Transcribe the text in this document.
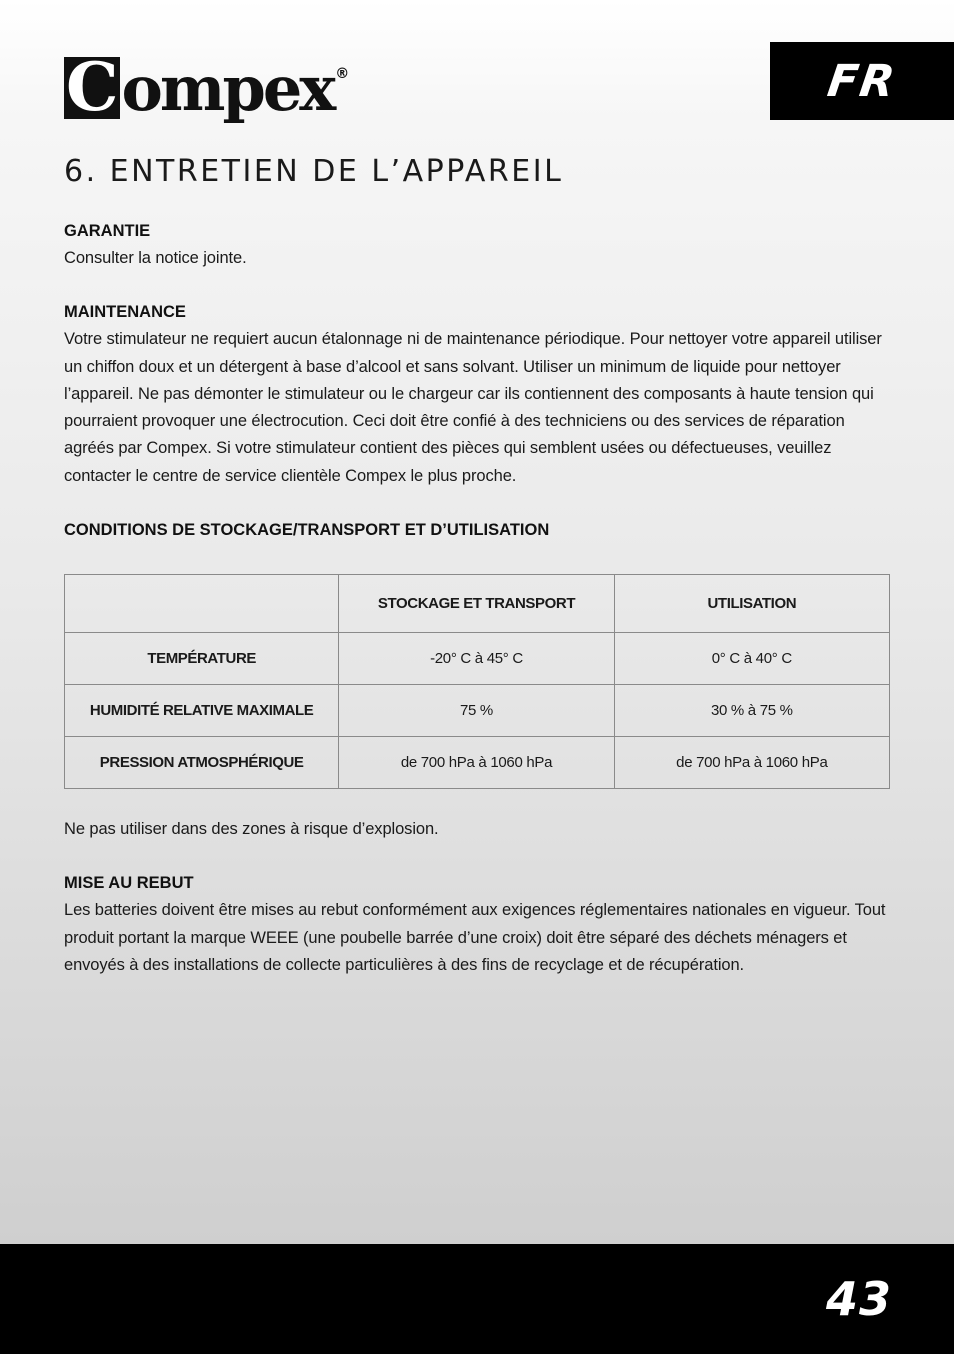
C ompex ®	FR
6. ENTRETIEN DE L’APPAREIL
GARANTIE

Consulter la notice jointe.

MAINTENANCE

Votre stimulateur ne requiert aucun étalonnage ni de maintenance périodique. Pour nettoyer votre appareil utiliser un chiffon doux et un détergent à base d’alcool et sans solvant. Utiliser un minimum de liquide pour nettoyer l’appareil. Ne pas démonter le stimulateur ou le chargeur car ils contiennent des composants à haute tension qui pourraient provoquer une électrocution. Ceci doit être confié à des techniciens ou des services de réparation agréés par Compex. Si votre stimulateur contient des pièces qui semblent usées ou défectueuses, veuillez contacter le centre de service clientèle Compex le plus proche.

CONDITIONS DE STOCKAGE/TRANSPORT ET D’UTILISATION
	STOCKAGE ET TRANSPORT	UTILISATION
TEMPÉRATURE	-20° C à 45° C	0° C à 40° C
HUMIDITÉ RELATIVE MAXIMALE	75 %	30 % à 75 %
PRESSION ATMOSPHÉRIQUE	de 700 hPa à 1060 hPa	de 700 hPa à 1060 hPa

Ne pas utiliser dans des zones à risque d’explosion.

MISE AU REBUT

Les batteries doivent être mises au rebut conformément aux exigences réglementaires nationales en vigueur. Tout produit portant la marque WEEE (une poubelle barrée d’une croix) doit être séparé des déchets ménagers et envoyés à des installations de collecte particulières à des fins de recyclage et de récupération.

43
